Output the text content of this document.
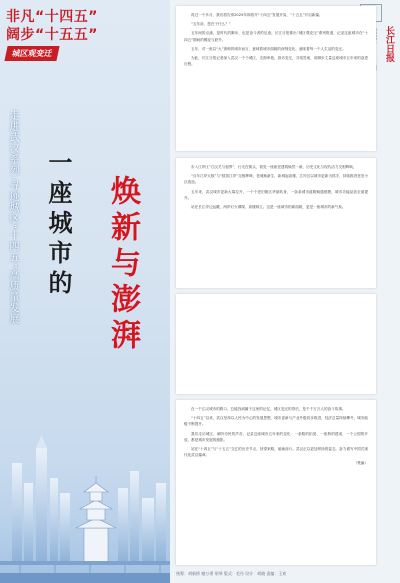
非凡“十四五”
阔步“十五五”
城区观变迁
走进武汉系列·寻迹城区“十四五”高质量发展 一座城市的 焕新与澎湃
长江日报

再过一个多月，我们将告别2025年即将开“十四五”发展开局，“十五五”开启新篇。

“五年前，您在干什么？”

五年间的点滴，是时代的脚步，也是奋斗者的足迹。长江日报推出“城区观变迁”系列报道，记录这座城市在“十四五”期间的蝶变与跃升。

五年，对一座以“大”著称的城市而言，意味着城市面貌的深刻变化，意味着每一个人生活的变迁。

为此，长江日报记者深入武汉一个个城区，走街串巷，探访变迁，寻找答案，用脚步丈量这座城市五年来的奋进历程。

步入江岸区“江汉关与租界”，行走在街头，看见一座座老建筑焕然一新，历史文化与现代活力交相辉映。

“百年江岸大数”与“数智江岸”交相辉映，老城焕新生，新城起高楼，江岸区以城市更新为抓手，持续推进老旧小区改造。

五年来，武汉城市更新大幕拉开，一个个老旧街区华丽转身，一条条城市道路畅通便捷，城市功能品质全面提升。

站在长江岸边远眺，两岸灯火璀璨，高楼林立。这是一座城市的新面貌，更是一座城市的新气象。

在一个江汉城市的路口，总能找到属于这里的记忆。城区变迁的背后，是千千万万人的奋斗故事。

“十四五”以来，武汉坚持以人民为中心的发展思想，城市更新与产业升级同步推进，经济总量持续攀升，城市能级不断提升。

我们走访城区，倾听市民的声音，记录这座城市五年来的变化：一条路的拓宽、一座桥的建成、一个公园的开放，都是城市发展的缩影。

站在“十四五”与“十五五”交汇的历史节点，回望来路，砥砺前行。武汉正以更加昂扬的姿态，奋力谱写中国式现代化武汉篇章。

（楚编）
统筹：胡新桥 谢万勇 胡琴 版式：毛丹 设计：胡晓 责编：王欢
